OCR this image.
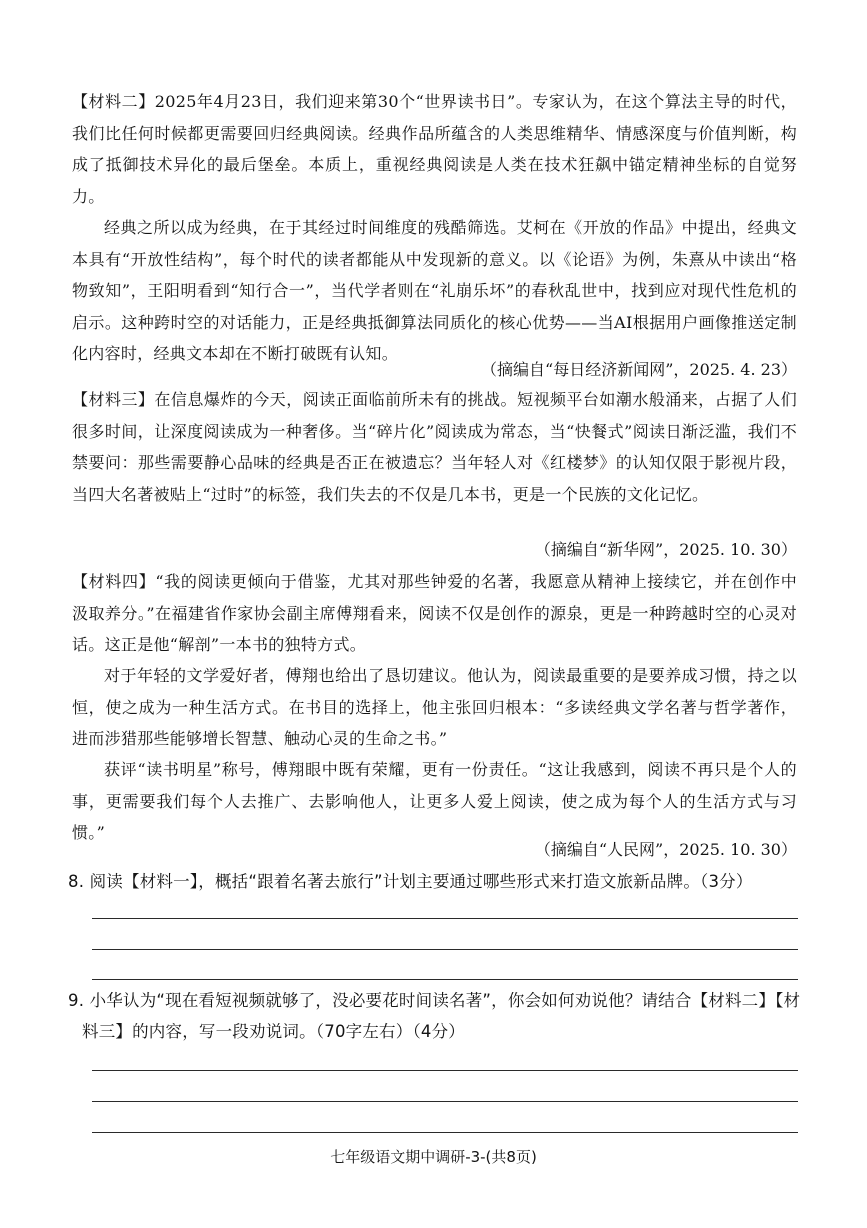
【材料二】2025年4月23日，我们迎来第30个“世界读书日”。专家认为，在这个算法主导的时代，我们比任何时候都更需要回归经典阅读。经典作品所蕴含的人类思维精华、情感深度与价值判断，构成了抵御技术异化的最后堡垒。本质上，重视经典阅读是人类在技术狂飙中锚定精神坐标的自觉努力。
经典之所以成为经典，在于其经过时间维度的残酷筛选。艾柯在《开放的作品》中提出，经典文本具有“开放性结构”，每个时代的读者都能从中发现新的意义。以《论语》为例，朱熹从中读出“格物致知”，王阳明看到“知行合一”，当代学者则在“礼崩乐坏”的春秋乱世中，找到应对现代性危机的启示。这种跨时空的对话能力，正是经典抵御算法同质化的核心优势——当AI根据用户画像推送定制化内容时，经典文本却在不断打破既有认知。
（摘编自“每日经济新闻网”，2025. 4. 23）
【材料三】在信息爆炸的今天，阅读正面临前所未有的挑战。短视频平台如潮水般涌来，占据了人们很多时间，让深度阅读成为一种奢侈。当“碎片化”阅读成为常态，当“快餐式”阅读日渐泛滥，我们不禁要问：那些需要静心品味的经典是否正在被遗忘？当年轻人对《红楼梦》的认知仅限于影视片段，当四大名著被贴上“过时”的标签，我们失去的不仅是几本书，更是一个民族的文化记忆。
（摘编自“新华网”，2025. 10. 30）
【材料四】“我的阅读更倾向于借鉴，尤其对那些钟爱的名著，我愿意从精神上接续它，并在创作中汲取养分。”在福建省作家协会副主席傅翔看来，阅读不仅是创作的源泉，更是一种跨越时空的心灵对话。这正是他“解剖”一本书的独特方式。
对于年轻的文学爱好者，傅翔也给出了恳切建议。他认为，阅读最重要的是要养成习惯，持之以恒，使之成为一种生活方式。在书目的选择上，他主张回归根本：“多读经典文学名著与哲学著作，进而涉猎那些能够增长智慧、触动心灵的生命之书。”
获评“读书明星”称号，傅翔眼中既有荣耀，更有一份责任。“这让我感到，阅读不再只是个人的事，更需要我们每个人去推广、去影响他人，让更多人爱上阅读，使之成为每个人的生活方式与习惯。”
（摘编自“人民网”，2025. 10. 30）
8. 阅读【材料一】，概括“跟着名著去旅行”计划主要通过哪些形式来打造文旅新品牌。（3分）
9. 小华认为“现在看短视频就够了，没必要花时间读名著”，你会如何劝说他？请结合【材料二】【材料三】的内容，写一段劝说词。（70字左右）（4分）
七年级语文期中调研-3-(共8页)
